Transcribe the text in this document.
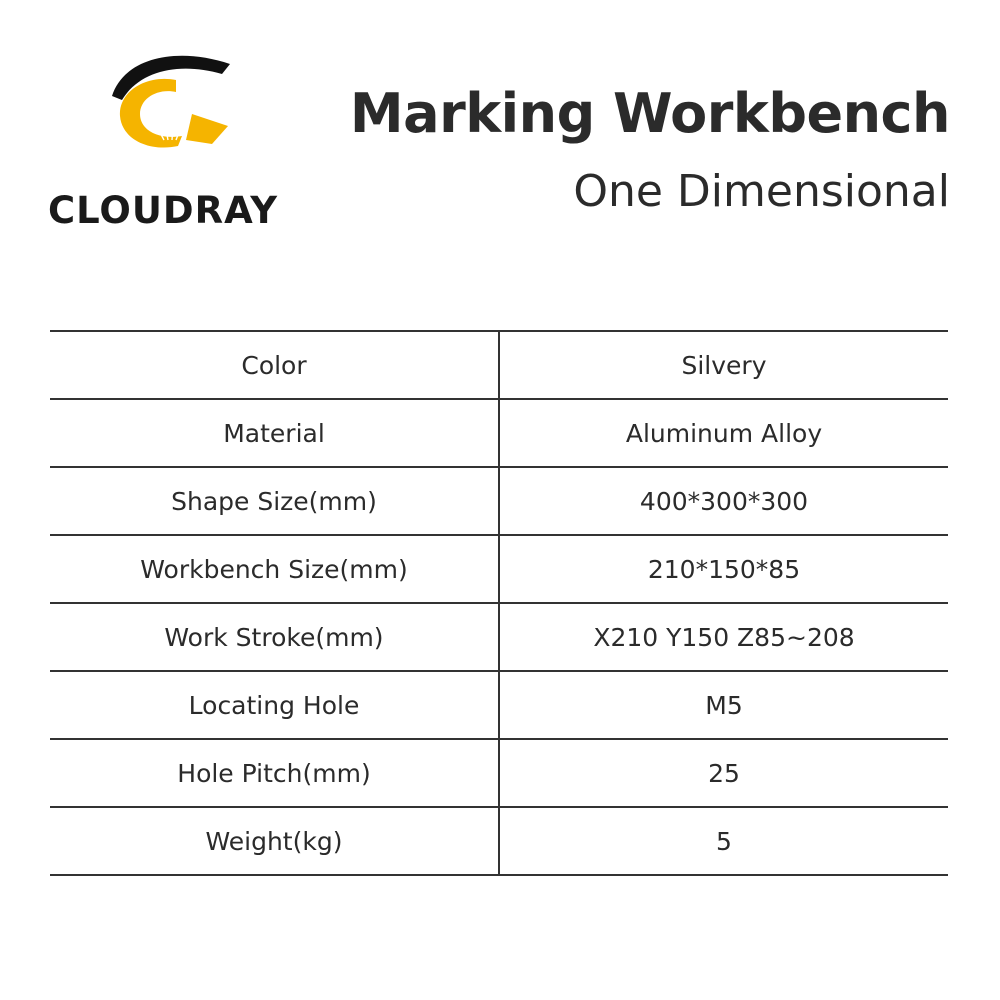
CLOUDRAY
Marking Workbench
One Dimensional
Color	Silvery
Material	Aluminum Alloy
Shape Size(mm)	400*300*300
Workbench Size(mm)	210*150*85
Work Stroke(mm)	X210 Y150 Z85~208
Locating Hole	M5
Hole Pitch(mm)	25
Weight(kg)	5
